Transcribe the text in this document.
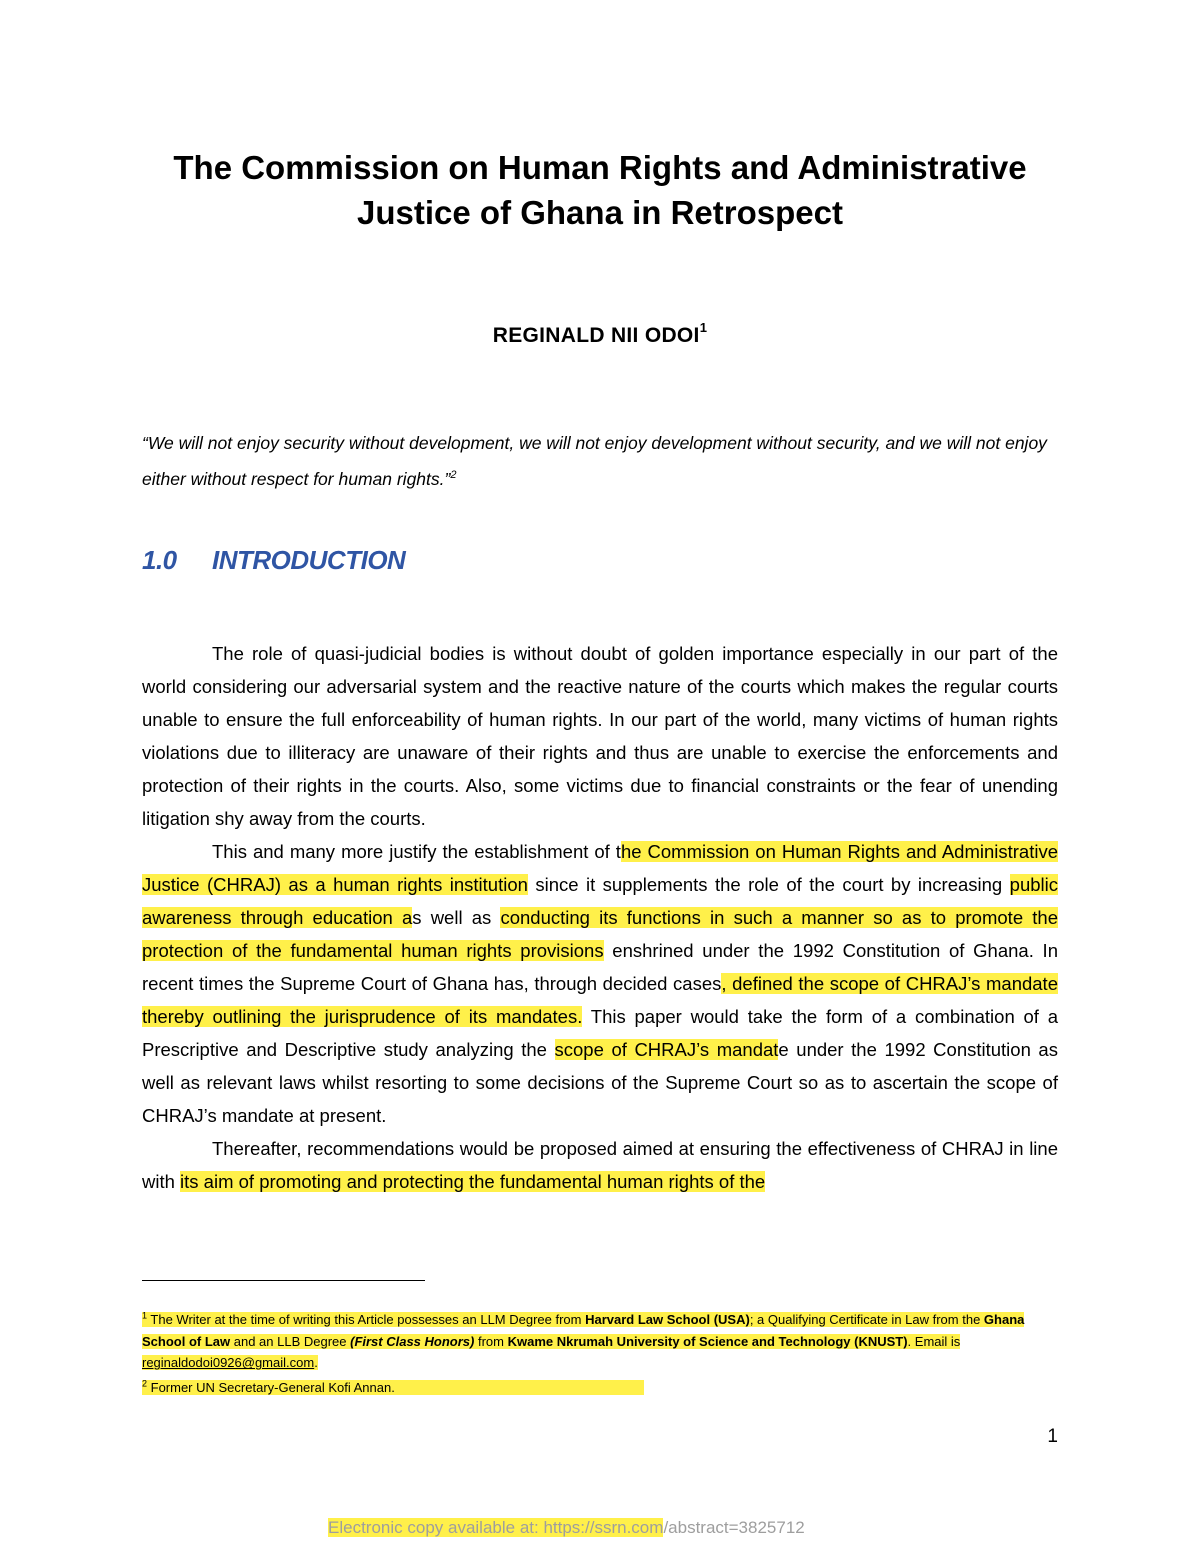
The Commission on Human Rights and Administrative
Justice of Ghana in Retrospect
REGINALD NII ODOI$^1$

“We will not enjoy security without development, we will not enjoy development without security, and we will not enjoy either without respect for human rights.”$^2$

1.0 INTRODUCTION

The role of quasi-judicial bodies is without doubt of golden importance especially in our part of the world considering our adversarial system and the reactive nature of the courts which makes the regular courts unable to ensure the full enforceability of human rights. In our part of the world, many victims of human rights violations due to illiteracy are unaware of their rights and thus are unable to exercise the enforcements and protection of their rights in the courts. Also, some victims due to financial constraints or the fear of unending litigation shy away from the courts.

This and many more justify the establishment of the Commission on Human Rights and Administrative Justice (CHRAJ) as a human rights institution since it supplements the role of the court by increasing public awareness through education as well as conducting its functions in such a manner so as to promote the protection of the fundamental human rights provisions enshrined under the 1992 Constitution of Ghana. In recent times the Supreme Court of Ghana has, through decided cases, defined the scope of CHRAJ’s mandate thereby outlining the jurisprudence of its mandates. This paper would take the form of a combination of a Prescriptive and Descriptive study analyzing the scope of CHRAJ’s mandate under the 1992 Constitution as well as relevant laws whilst resorting to some decisions of the Supreme Court so as to ascertain the scope of CHRAJ’s mandate at present.

Thereafter, recommendations would be proposed aimed at ensuring the effectiveness of CHRAJ in line with its aim of promoting and protecting the fundamental human rights of the

$^1$ The Writer at the time of writing this Article possesses an LLM Degree from Harvard Law School (USA); a Qualifying Certificate in Law from the Ghana School of Law and an LLB Degree (First Class Honors) from Kwame Nkrumah University of Science and Technology (KNUST). Email is reginaldodoi0926@gmail.com.

$^2$ Former UN Secretary-General Kofi Annan.

1
Electronic copy available at: https://ssrn.com/abstract=3825712
